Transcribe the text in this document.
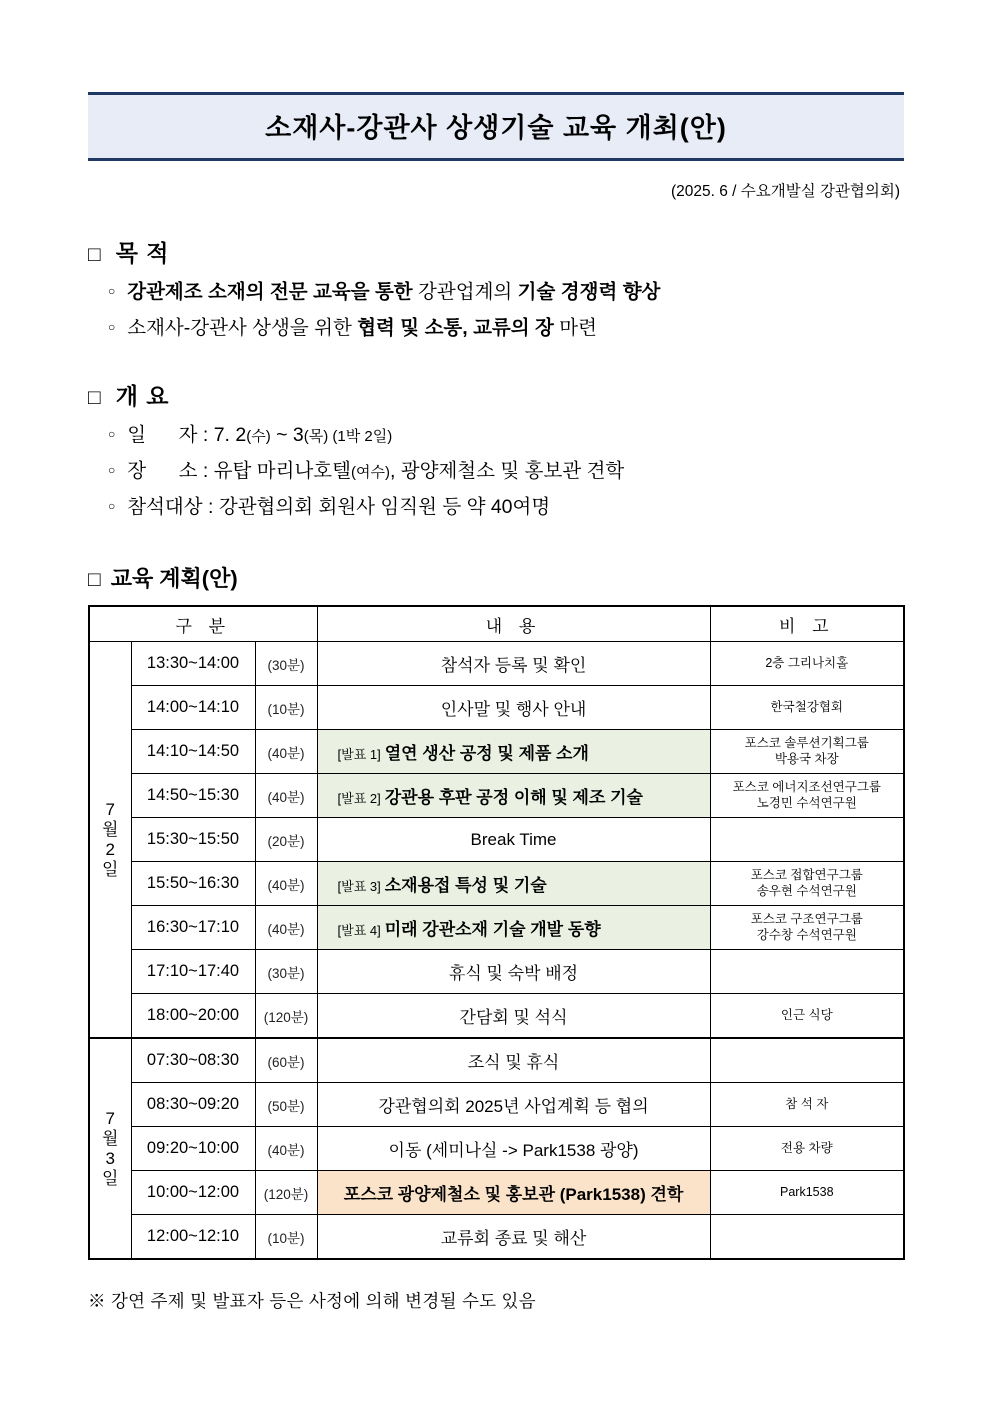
소재사-강관사 상생기술 교육 개최(안)
(2025. 6 / 수요개발실 강관협의회)
□ 목 적
○ 강관제조 소재의 전문 교육을 통한 강관업계의 기술 경쟁력 향상
○ 소재사-강관사 상생을 위한 협력 및 소통, 교류의 장 마련
□ 개 요
○ 일      자 : 7. 2(수) ~ 3(목) (1박 2일)
○ 장      소 : 유탑 마리나호텔(여수), 광양제철소 및 홍보관 견학
○ 참석대상 : 강관협의회 회원사 임직원 등 약 40여명
□ 교육 계획(안)
구 분			내 용	비 고

7
월
2
일	13:30~14:00	(30분)	참석자 등록 및 확인	2층 그리나치홀

	14:00~14:10	(10분)	인사말 및 행사 안내	한국철강협회

	14:10~14:50	(40분)	[발표 1] 열연 생산 공정 및 제품 소개	포스코 솔루션기획그룹
박용국 차장

	14:50~15:30	(40분)	[발표 2] 강관용 후판 공정 이해 및 제조 기술	포스코 에너지조선연구그룹
노경민 수석연구원

	15:30~15:50	(20분)	Break Time	
	15:50~16:30	(40분)	[발표 3] 소재용접 특성 및 기술	포스코 접합연구그룹
송우현 수석연구원

	16:30~17:10	(40분)	[발표 4] 미래 강관소재 기술 개발 동향	포스코 구조연구그룹
강수창 수석연구원

	17:10~17:40	(30분)	휴식 및 숙박 배정	
	18:00~20:00	(120분)	간담회 및 석식	인근 식당

7
월
3
일	07:30~08:30	(60분)	조식 및 휴식	
	08:30~09:20	(50분)	강관협의회 2025년 사업계획 등 협의	참 석 자

	09:20~10:00	(40분)	이동 (세미나실 -> Park1538 광양)	전용 차량

	10:00~12:00	(120분)	포스코 광양제철소 및 홍보관 (Park1538) 견학	Park1538

	12:00~12:10	(10분)	교류회 종료 및 해산	
※ 강연 주제 및 발표자 등은 사정에 의해 변경될 수도 있음
